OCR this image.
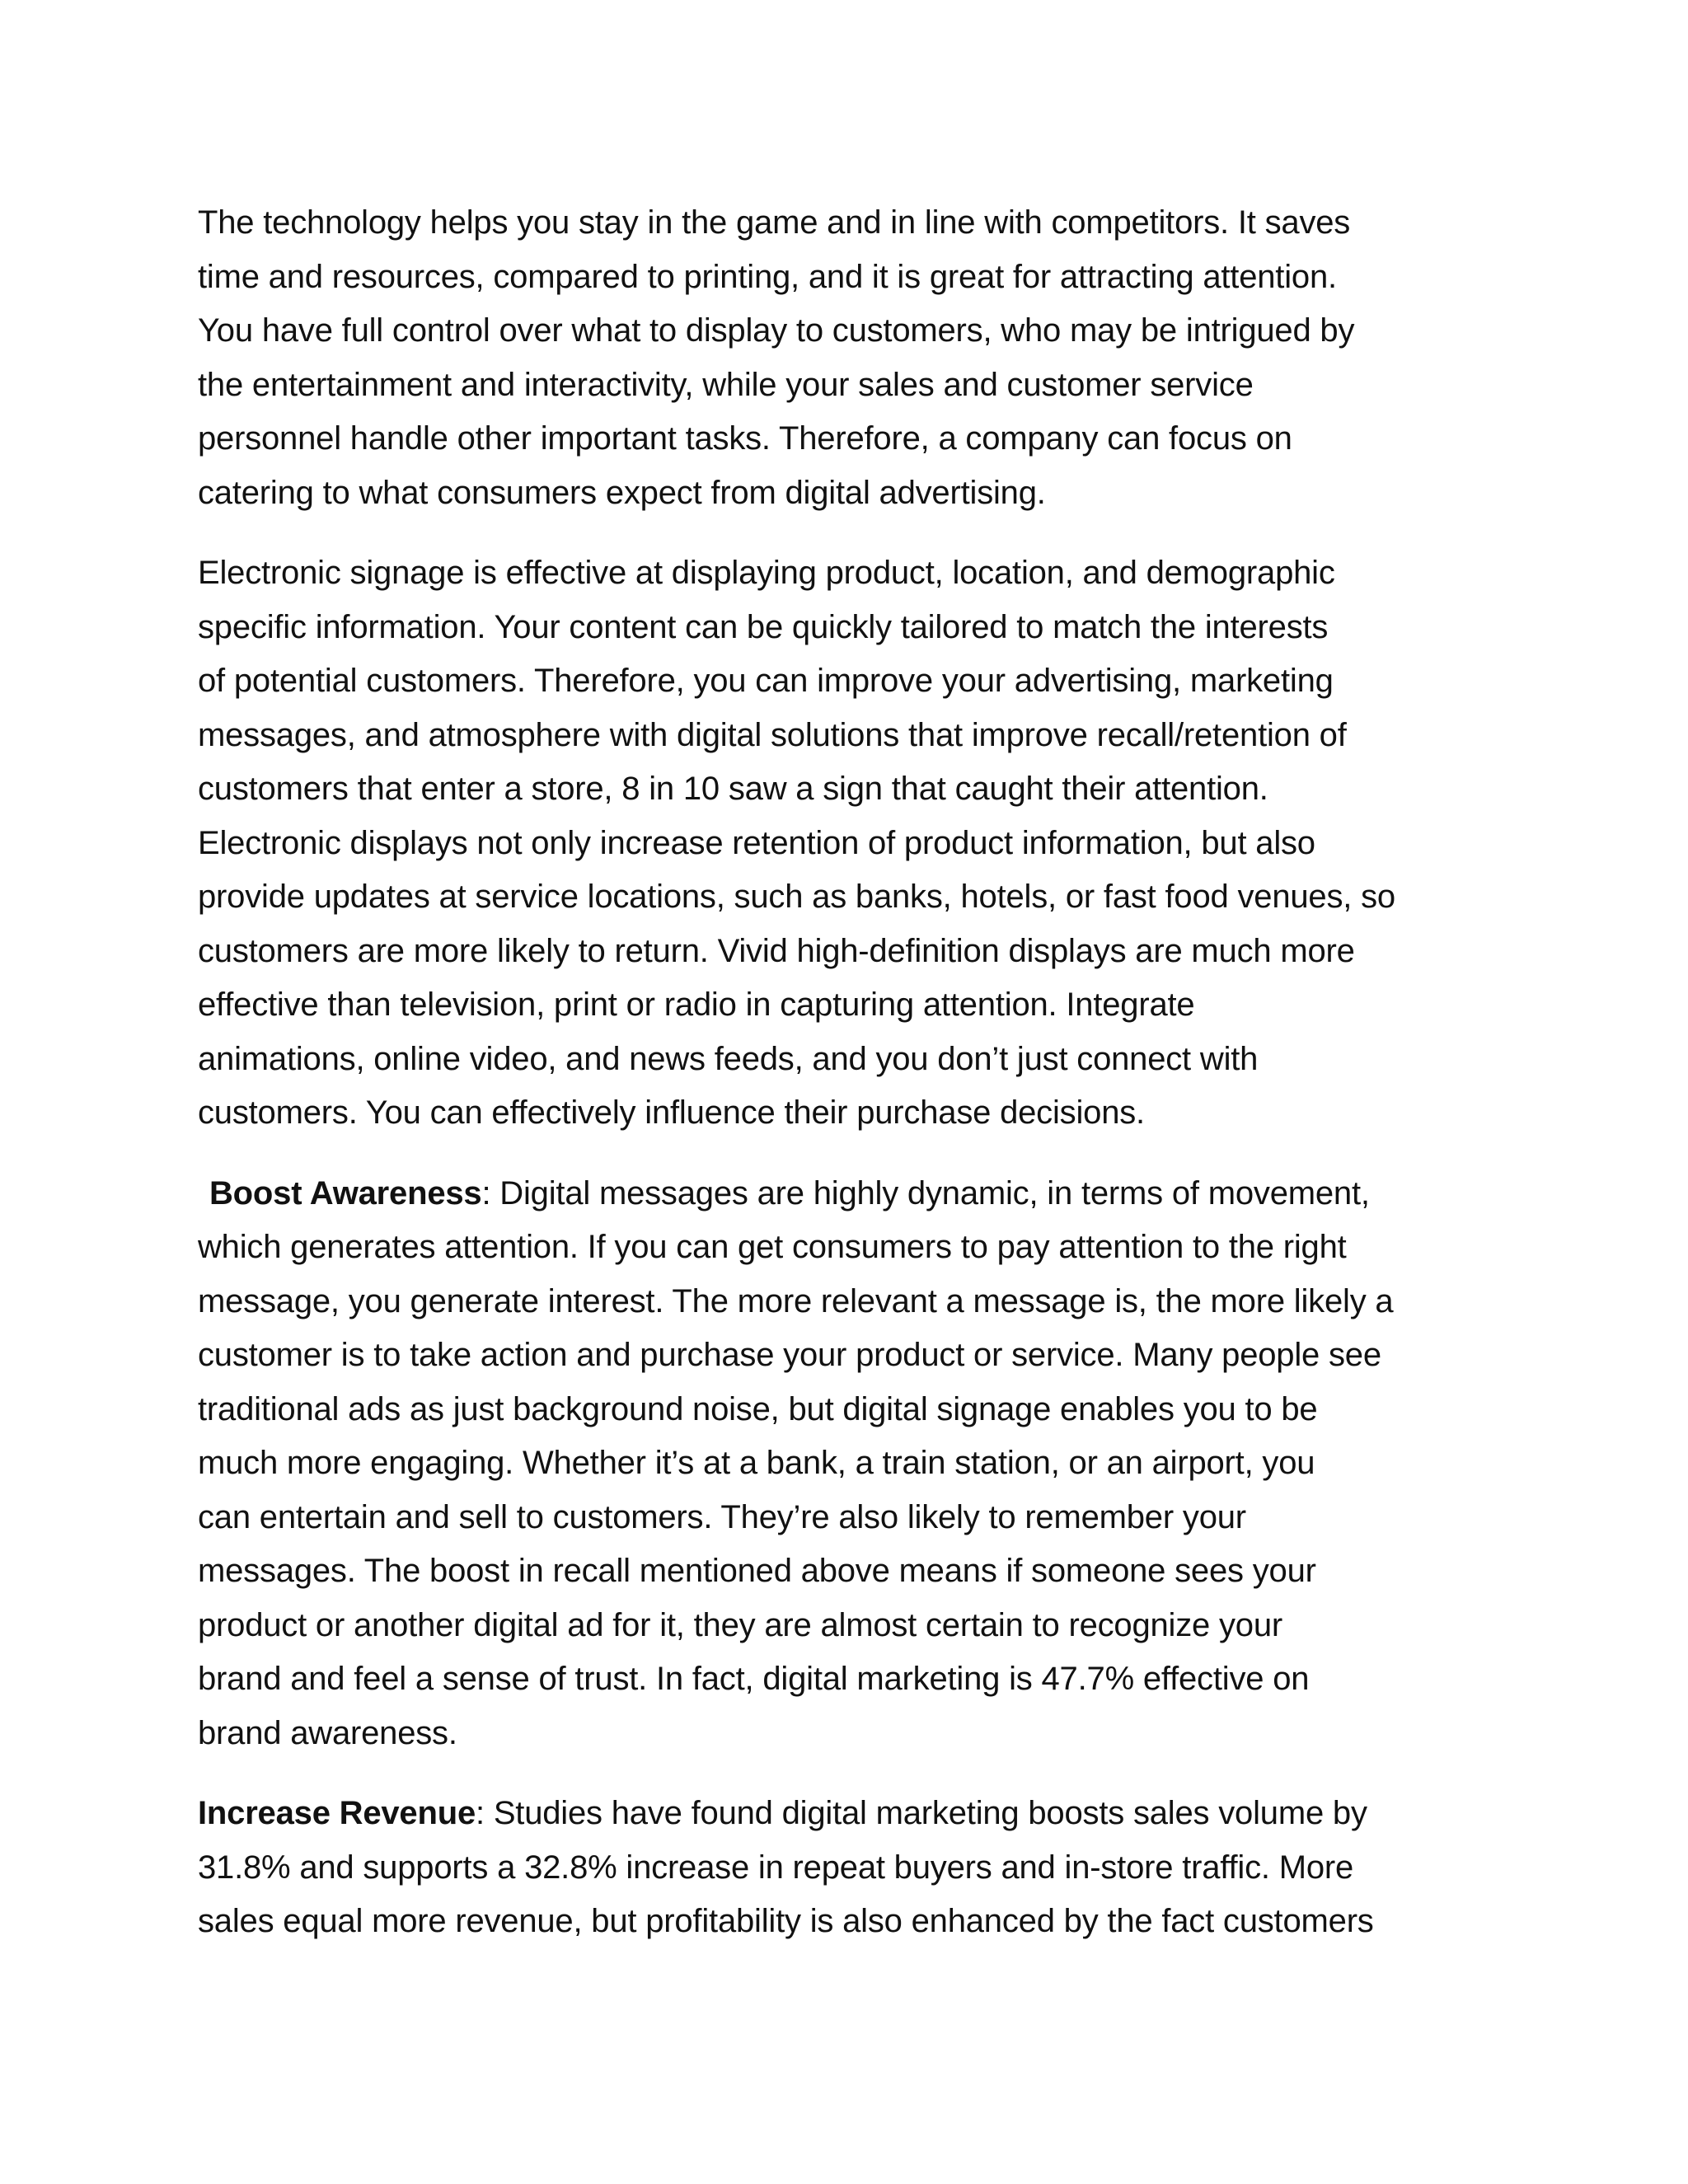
The technology helps you stay in the game and in line with competitors. It saves
time and resources, compared to printing, and it is great for attracting attention.
You have full control over what to display to customers, who may be intrigued by
the entertainment and interactivity, while your sales and customer service
personnel handle other important tasks. Therefore, a company can focus on
catering to what consumers expect from digital advertising.
Electronic signage is effective at displaying product, location, and demographic
specific information. Your content can be quickly tailored to match the interests
of potential customers. Therefore, you can improve your advertising, marketing
messages, and atmosphere with digital solutions that improve recall/retention of
customers that enter a store, 8 in 10 saw a sign that caught their attention.
Electronic displays not only increase retention of product information, but also
provide updates at service locations, such as banks, hotels, or fast food venues, so
customers are more likely to return. Vivid high-definition displays are much more
effective than television, print or radio in capturing attention. Integrate
animations, online video, and news feeds, and you don’t just connect with
customers. You can effectively influence their purchase decisions.
Boost Awareness: Digital messages are highly dynamic, in terms of movement,
which generates attention. If you can get consumers to pay attention to the right
message, you generate interest. The more relevant a message is, the more likely a
customer is to take action and purchase your product or service. Many people see
traditional ads as just background noise, but digital signage enables you to be
much more engaging. Whether it’s at a bank, a train station, or an airport, you
can entertain and sell to customers. They’re also likely to remember your
messages. The boost in recall mentioned above means if someone sees your
product or another digital ad for it, they are almost certain to recognize your
brand and feel a sense of trust. In fact, digital marketing is 47.7% effective on
brand awareness.
Increase Revenue: Studies have found digital marketing boosts sales volume by
31.8% and supports a 32.8% increase in repeat buyers and in-store traffic. More
sales equal more revenue, but profitability is also enhanced by the fact customers
